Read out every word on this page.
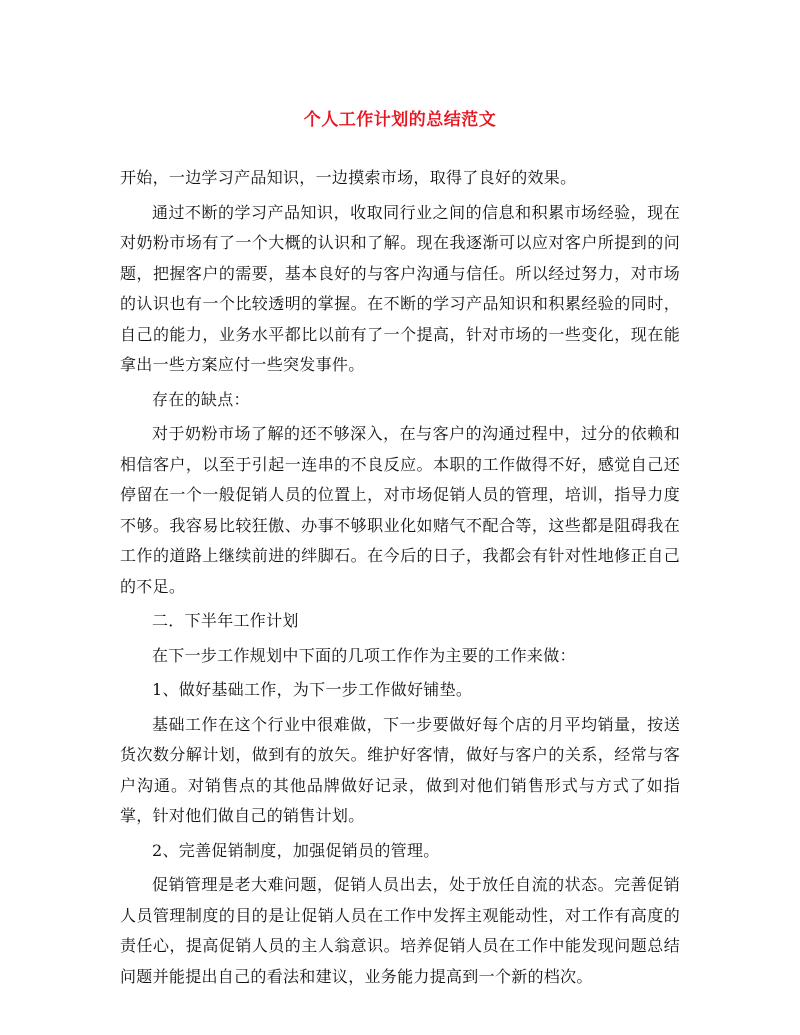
个人工作计划的总结范文

开始，一边学习产品知识，一边摸索市场，取得了良好的效果。

通过不断的学习产品知识，收取同行业之间的信息和积累市场经验，现在对奶粉市场有了一个大概的认识和了解。现在我逐渐可以应对客户所提到的问题，把握客户的需要，基本良好的与客户沟通与信任。所以经过努力，对市场的认识也有一个比较透明的掌握。在不断的学习产品知识和积累经验的同时，自己的能力，业务水平都比以前有了一个提高，针对市场的一些变化，现在能拿出一些方案应付一些突发事件。

存在的缺点：

对于奶粉市场了解的还不够深入，在与客户的沟通过程中，过分的依赖和相信客户，以至于引起一连串的不良反应。本职的工作做得不好，感觉自己还停留在一个一般促销人员的位置上，对市场促销人员的管理，培训，指导力度不够。我容易比较狂傲、办事不够职业化如赌气不配合等，这些都是阻碍我在工作的道路上继续前进的绊脚石。在今后的日子，我都会有针对性地修正自己的不足。

二．下半年工作计划

在下一步工作规划中下面的几项工作作为主要的工作来做：

1、做好基础工作，为下一步工作做好铺垫。

基础工作在这个行业中很难做，下一步要做好每个店的月平均销量，按送货次数分解计划，做到有的放矢。维护好客情，做好与客户的关系，经常与客户沟通。对销售点的其他品牌做好记录，做到对他们销售形式与方式了如指掌，针对他们做自己的销售计划。

2、完善促销制度，加强促销员的管理。

促销管理是老大难问题，促销人员出去，处于放任自流的状态。完善促销人员管理制度的目的是让促销人员在工作中发挥主观能动性，对工作有高度的责任心，提高促销人员的主人翁意识。培养促销人员在工作中能发现问题总结问题并能提出自己的看法和建议，业务能力提高到一个新的档次。
